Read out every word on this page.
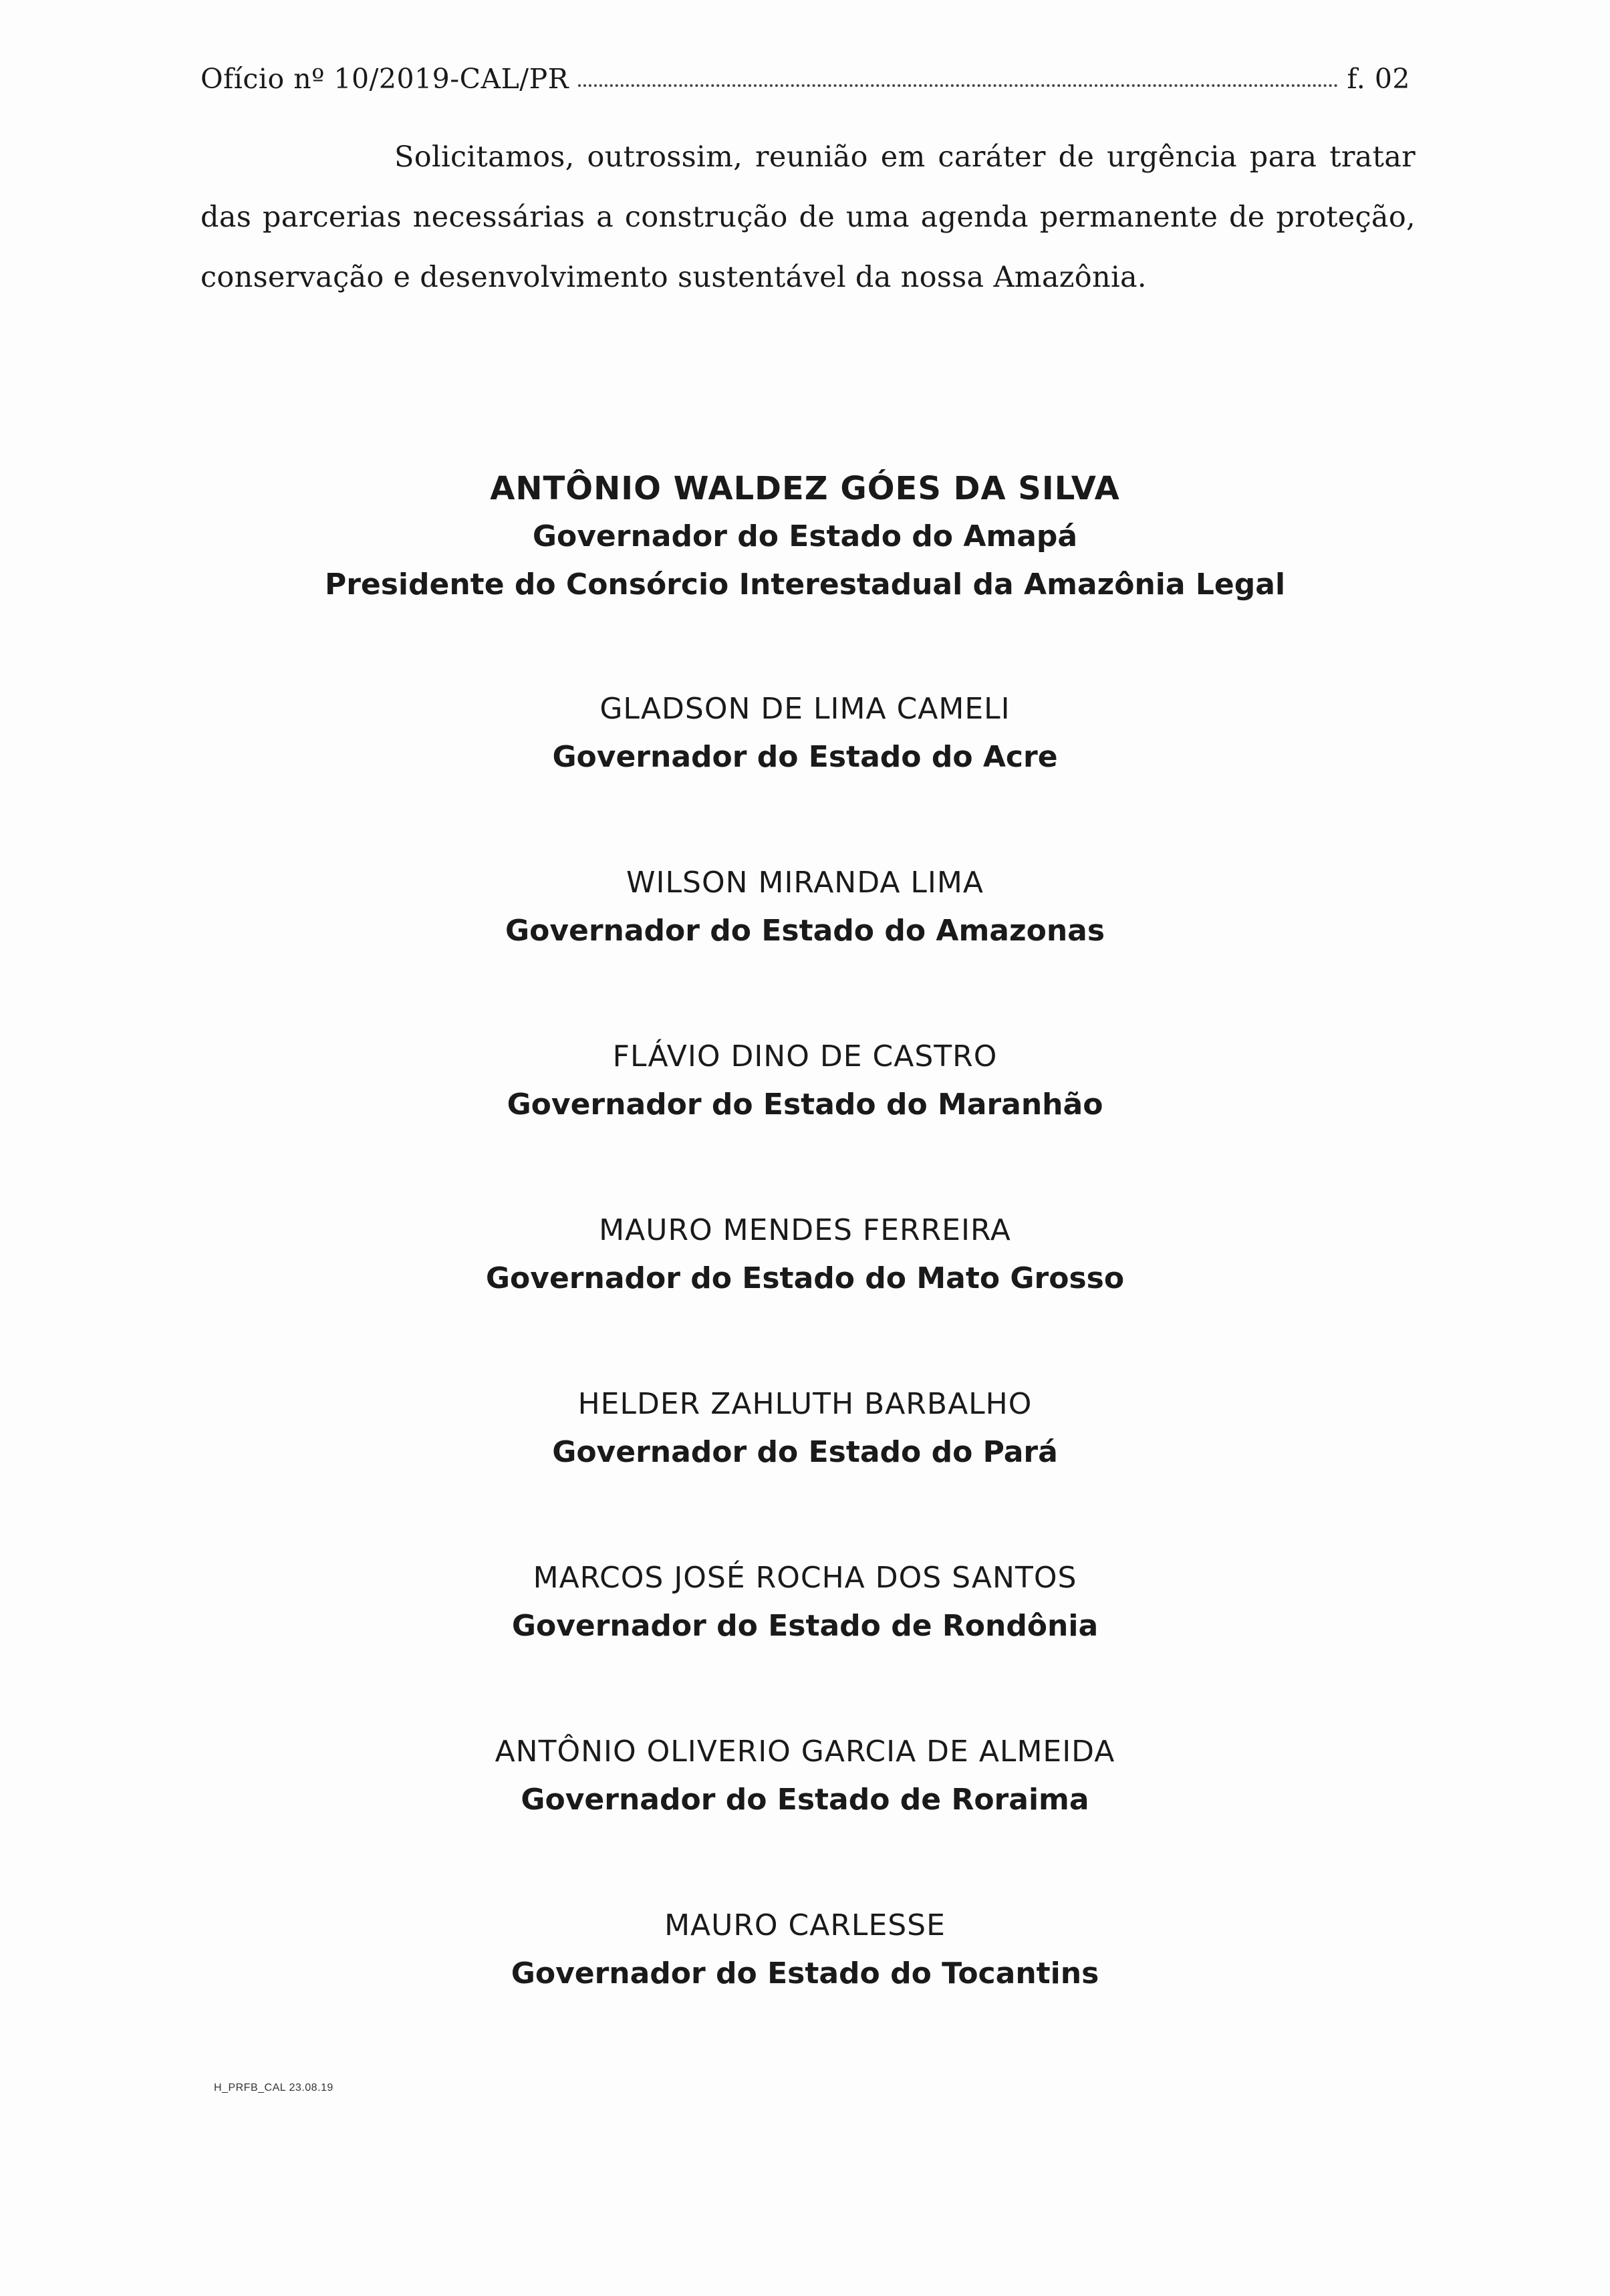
Ofício nº 10/2019-CAL/PR	f. 02

Solicitamos, outrossim, reunião em caráter de urgência para tratar das parcerias necessárias a construção de uma agenda permanente de proteção, conservação e desenvolvimento sustentável da nossa Amazônia.

ANTÔNIO WALDEZ GÓES DA SILVA
Governador do Estado do Amapá
Presidente do Consórcio Interestadual da Amazônia Legal
GLADSON DE LIMA CAMELI
Governador do Estado do Acre
WILSON MIRANDA LIMA
Governador do Estado do Amazonas
FLÁVIO DINO DE CASTRO
Governador do Estado do Maranhão
MAURO MENDES FERREIRA
Governador do Estado do Mato Grosso
HELDER ZAHLUTH BARBALHO
Governador do Estado do Pará
MARCOS JOSÉ ROCHA DOS SANTOS
Governador do Estado de Rondônia
ANTÔNIO OLIVERIO GARCIA DE ALMEIDA
Governador do Estado de Roraima
MAURO CARLESSE
Governador do Estado do Tocantins
H_PRFB_CAL 23.08.19
